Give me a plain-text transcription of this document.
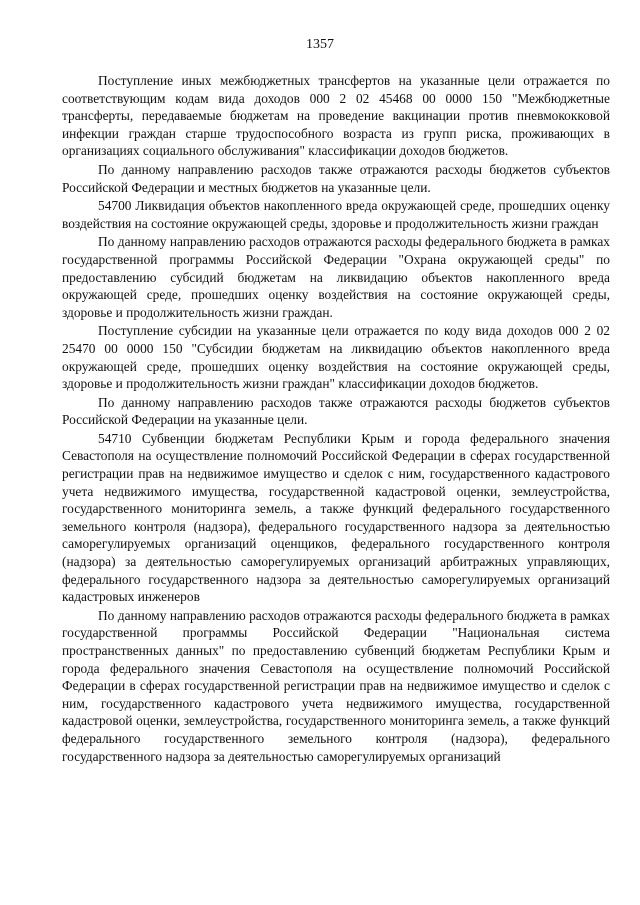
1357

Поступление иных межбюджетных трансфертов на указанные цели отражается по соответствующим кодам вида доходов 000 2 02 45468 00 0000 150 "Межбюджетные трансферты, передаваемые бюджетам на проведение вакцинации против пневмококковой инфекции граждан старше трудоспособного возраста из групп риска, проживающих в организациях социального обслуживания" классификации доходов бюджетов.

По данному направлению расходов также отражаются расходы бюджетов субъектов Российской Федерации и местных бюджетов на указанные цели.

54700 Ликвидация объектов накопленного вреда окружающей среде, прошедших оценку воздействия на состояние окружающей среды, здоровье и продолжительность жизни граждан

По данному направлению расходов отражаются расходы федерального бюджета в рамках государственной программы Российской Федерации "Охрана окружающей среды" по предоставлению субсидий бюджетам на ликвидацию объектов накопленного вреда окружающей среде, прошедших оценку воздействия на состояние окружающей среды, здоровье и продолжительность жизни граждан.

Поступление субсидии на указанные цели отражается по коду вида доходов 000 2 02 25470 00 0000 150 "Субсидии бюджетам на ликвидацию объектов накопленного вреда окружающей среде, прошедших оценку воздействия на состояние окружающей среды, здоровье и продолжительность жизни граждан" классификации доходов бюджетов.

По данному направлению расходов также отражаются расходы бюджетов субъектов Российской Федерации на указанные цели.

54710 Субвенции бюджетам Республики Крым и города федерального значения Севастополя на осуществление полномочий Российской Федерации в сферах государственной регистрации прав на недвижимое имущество и сделок с ним, государственного кадастрового учета недвижимого имущества, государственной кадастровой оценки, землеустройства, государственного мониторинга земель, а также функций федерального государственного земельного контроля (надзора), федерального государственного надзора за деятельностью саморегулируемых организаций оценщиков, федерального государственного контроля (надзора) за деятельностью саморегулируемых организаций арбитражных управляющих, федерального государственного надзора за деятельностью саморегулируемых организаций кадастровых инженеров

По данному направлению расходов отражаются расходы федерального бюджета в рамках государственной программы Российской Федерации "Национальная система пространственных данных" по предоставлению субвенций бюджетам Республики Крым и города федерального значения Севастополя на осуществление полномочий Российской Федерации в сферах государственной регистрации прав на недвижимое имущество и сделок с ним, государственного кадастрового учета недвижимого имущества, государственной кадастровой оценки, землеустройства, государственного мониторинга земель, а также функций федерального государственного земельного контроля (надзора), федерального государственного надзора за деятельностью саморегулируемых организаций
